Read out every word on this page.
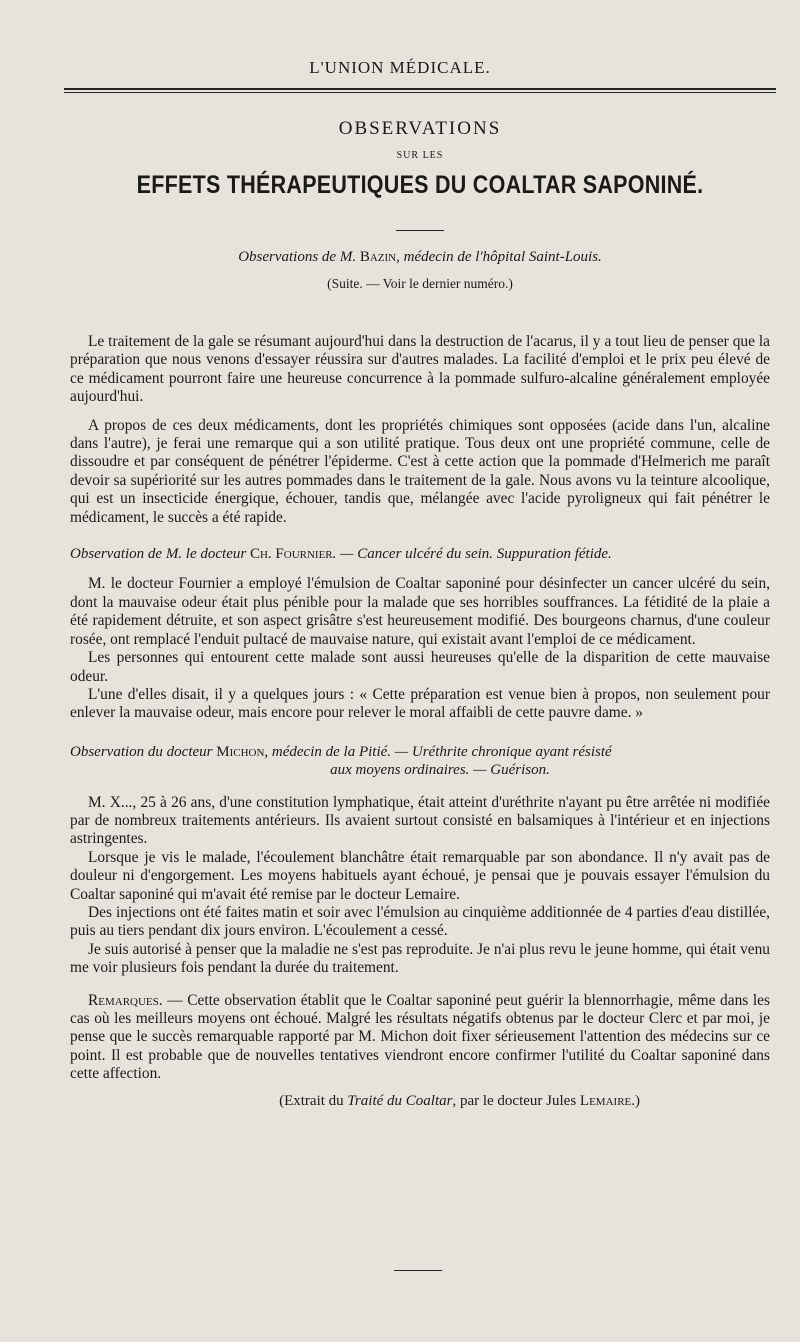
L'UNION MÉDICALE.
OBSERVATIONS
SUR LES
EFFETS THÉRAPEUTIQUES DU COALTAR SAPONINÉ.
Observations de M. Bazin, médecin de l'hôpital Saint-Louis.
(Suite. — Voir le dernier numéro.)

Le traitement de la gale se résumant aujourd'hui dans la destruction de l'acarus, il y a tout lieu de penser que la préparation que nous venons d'essayer réussira sur d'autres malades. La facilité d'emploi et le prix peu élevé de ce médicament pourront faire une heureuse concurrence à la pommade sulfuro-alcaline généralement employée aujourd'hui.

A propos de ces deux médicaments, dont les propriétés chimiques sont opposées (acide dans l'un, alcaline dans l'autre), je ferai une remarque qui a son utilité pratique. Tous deux ont une propriété commune, celle de dissoudre et par conséquent de pénétrer l'épiderme. C'est à cette action que la pommade d'Helmerich me paraît devoir sa supériorité sur les autres pommades dans le traitement de la gale. Nous avons vu la teinture alcoolique, qui est un insecticide énergique, échouer, tandis que, mélangée avec l'acide pyroligneux qui fait pénétrer le médicament, le succès a été rapide.

Observation de M. le docteur Ch. Fournier. — Cancer ulcéré du sein. Suppuration fétide.

M. le docteur Fournier a employé l'émulsion de Coaltar saponiné pour désinfecter un cancer ulcéré du sein, dont la mauvaise odeur était plus pénible pour la malade que ses horribles souffrances. La fétidité de la plaie a été rapidement détruite, et son aspect grisâtre s'est heureusement modifié. Des bourgeons charnus, d'une couleur rosée, ont remplacé l'enduit pultacé de mauvaise nature, qui existait avant l'emploi de ce médicament.

Les personnes qui entourent cette malade sont aussi heureuses qu'elle de la disparition de cette mauvaise odeur.

L'une d'elles disait, il y a quelques jours : « Cette préparation est venue bien à propos, non seulement pour enlever la mauvaise odeur, mais encore pour relever le moral affaibli de cette pauvre dame. »

Observation du docteur Michon, médecin de la Pitié. — Uréthrite chronique ayant résisté

aux moyens ordinaires. — Guérison.

M. X..., 25 à 26 ans, d'une constitution lymphatique, était atteint d'uréthrite n'ayant pu être arrêtée ni modifiée par de nombreux traitements antérieurs. Ils avaient surtout consisté en balsamiques à l'intérieur et en injections astringentes.

Lorsque je vis le malade, l'écoulement blanchâtre était remarquable par son abondance. Il n'y avait pas de douleur ni d'engorgement. Les moyens habituels ayant échoué, je pensai que je pouvais essayer l'émulsion du Coaltar saponiné qui m'avait été remise par le docteur Lemaire.

Des injections ont été faites matin et soir avec l'émulsion au cinquième additionnée de 4 parties d'eau distillée, puis au tiers pendant dix jours environ. L'écoulement a cessé.

Je suis autorisé à penser que la maladie ne s'est pas reproduite. Je n'ai plus revu le jeune homme, qui était venu me voir plusieurs fois pendant la durée du traitement.

Remarques. — Cette observation établit que le Coaltar saponiné peut guérir la blennorrhagie, même dans les cas où les meilleurs moyens ont échoué. Malgré les résultats négatifs obtenus par le docteur Clerc et par moi, je pense que le succès remarquable rapporté par M. Michon doit fixer sérieusement l'attention des médecins sur ce point. Il est probable que de nouvelles tentatives viendront encore confirmer l'utilité du Coaltar saponiné dans cette affection.

(Extrait du Traité du Coaltar, par le docteur Jules Lemaire.)
